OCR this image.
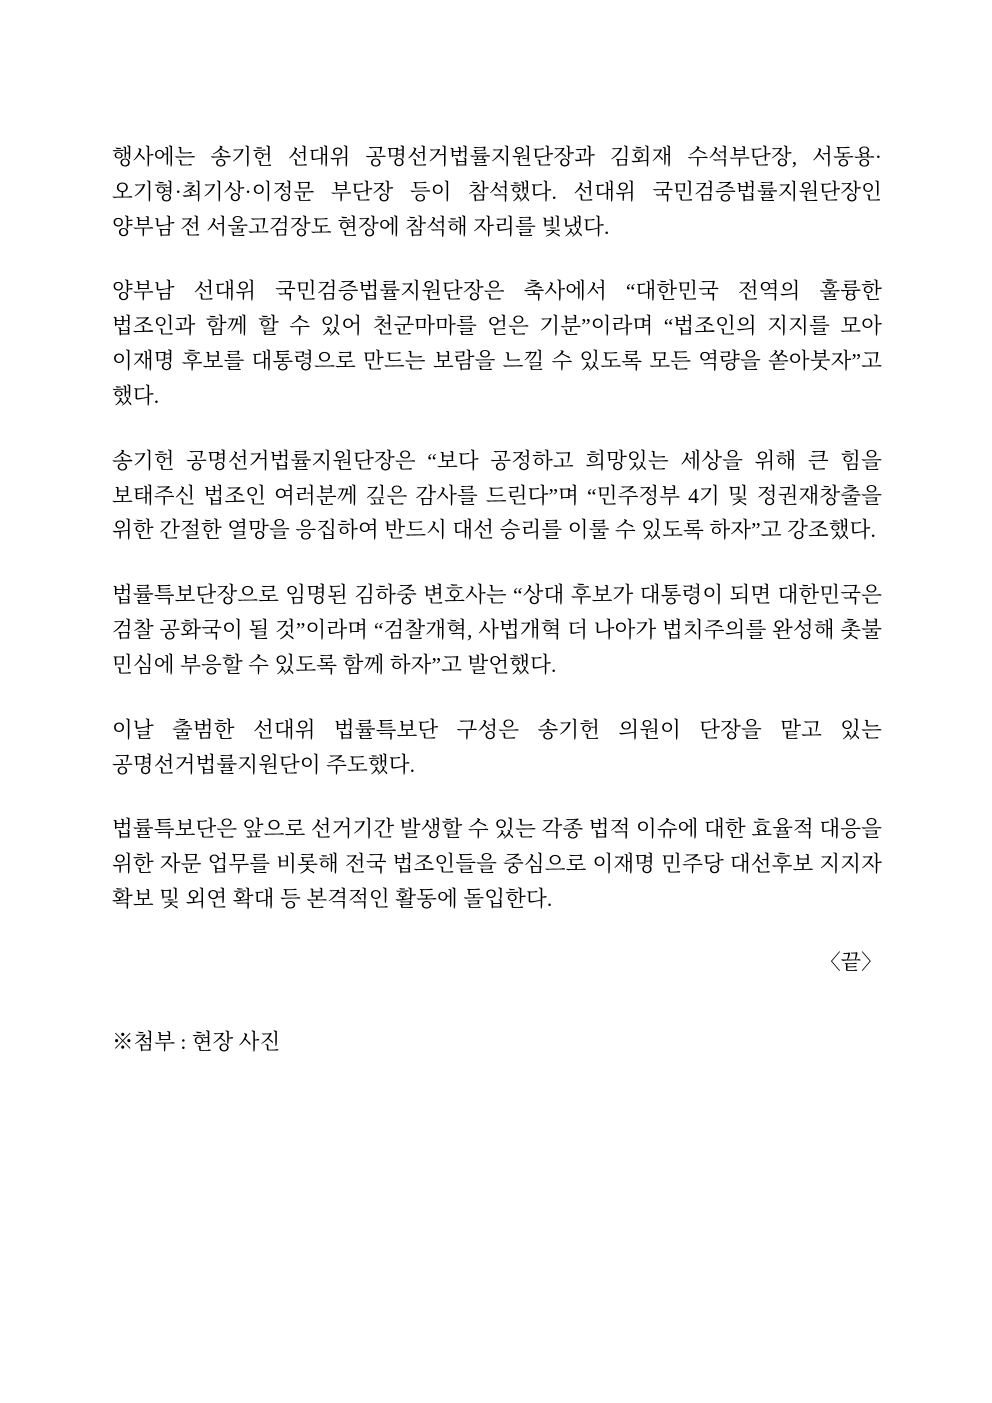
행사에는 송기헌 선대위 공명선거법률지원단장과 김회재 수석부단장, 서동용·오기형·최기상·이정문 부단장 등이 참석했다. 선대위 국민검증법률지원단장인 양부남 전 서울고검장도 현장에 참석해 자리를 빛냈다.

양부남 선대위 국민검증법률지원단장은 축사에서 “대한민국 전역의 훌륭한 법조인과 함께 할 수 있어 천군마마를 얻은 기분”이라며 “법조인의 지지를 모아 이재명 후보를 대통령으로 만드는 보람을 느낄 수 있도록 모든 역량을 쏟아붓자”고 했다.

송기헌 공명선거법률지원단장은 “보다 공정하고 희망있는 세상을 위해 큰 힘을 보태주신 법조인 여러분께 깊은 감사를 드린다”며 “민주정부 4기 및 정권재창출을 위한 간절한 열망을 응집하여 반드시 대선 승리를 이룰 수 있도록 하자”고 강조했다.

법률특보단장으로 임명된 김하중 변호사는 “상대 후보가 대통령이 되면 대한민국은 검찰 공화국이 될 것”이라며 “검찰개혁, 사법개혁 더 나아가 법치주의를 완성해 촛불 민심에 부응할 수 있도록 함께 하자”고 발언했다.

이날 출범한 선대위 법률특보단 구성은 송기헌 의원이 단장을 맡고 있는 공명선거법률지원단이 주도했다.

법률특보단은 앞으로 선거기간 발생할 수 있는 각종 법적 이슈에 대한 효율적 대응을 위한 자문 업무를 비롯해 전국 법조인들을 중심으로 이재명 민주당 대선후보 지지자 확보 및 외연 확대 등 본격적인 활동에 돌입한다.

〈끝〉

※첨부 : 현장 사진
